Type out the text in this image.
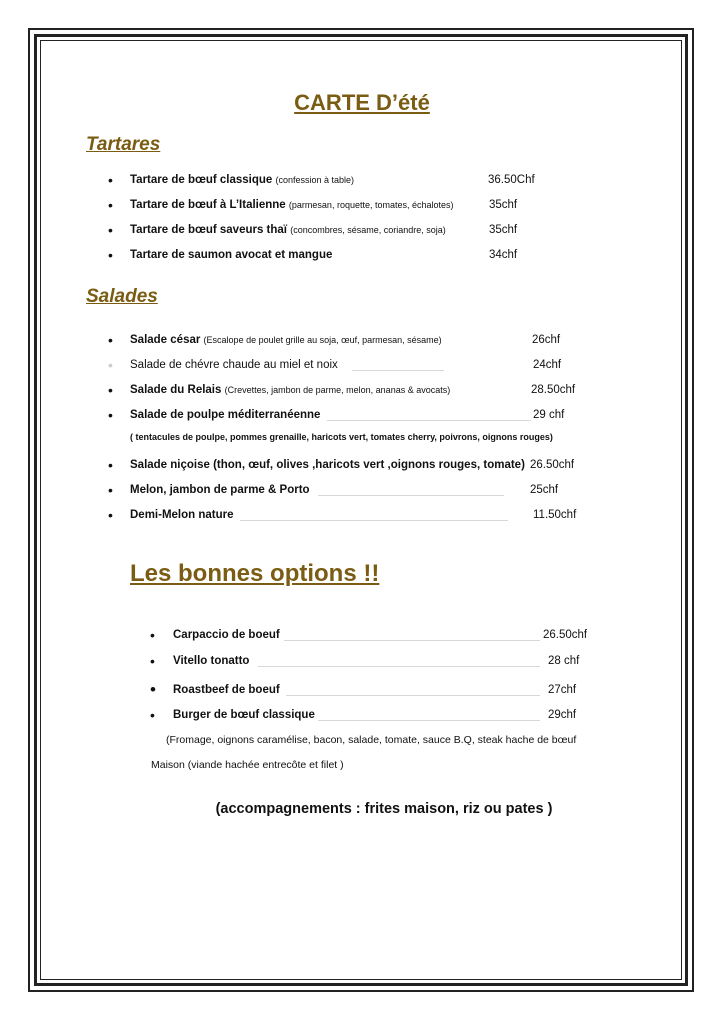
CARTE D’été
Tartares
• Tartare de bœuf classique (confession à table)	36.50Chf
• Tartare de bœuf à L’Italienne (parmesan, roquette, tomates, échalotes)	35chf
• Tartare de bœuf saveurs thaï (concombres, sésame, coriandre, soja)	35chf
• Tartare de saumon avocat et mangue	34chf
Salades
• Salade césar (Escalope de poulet grille au soja, œuf, parmesan, sésame)	26chf
• Salade de chévre chaude au miel et noix	24chf
• Salade du Relais (Crevettes, jambon de parme, melon, ananas & avocats)	28.50chf
• Salade de poulpe méditerranéenne	29 chf
( tentacules de poulpe, pommes grenaille, haricots vert, tomates cherry, poivrons, oignons rouges)
• Salade niçoise (thon, œuf, olives ,haricots vert ,oignons rouges, tomate) 26.50chf
• Melon, jambon de parme & Porto	25chf
• Demi-Melon nature	11.50chf
Les bonnes options !!
• Carpaccio de boeuf	26.50chf
• Vitello tonatto	28 chf
• Roastbeef de boeuf	27chf
• Burger de bœuf classique	29chf
(Fromage, oignons caramélise, bacon, salade, tomate, sauce B.Q, steak hache de bœuf
Maison (viande hachée entrecôte et filet )
(accompagnements : frites maison, riz ou pates )
